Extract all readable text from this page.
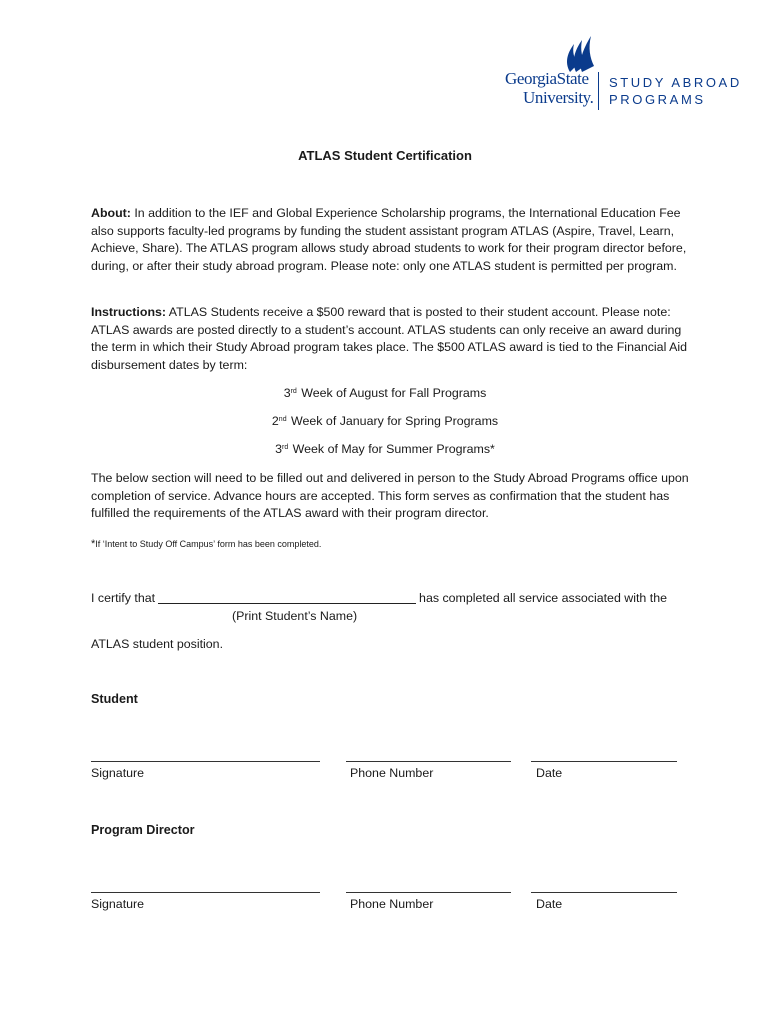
GeorgiaState
University.
STUDY ABROAD
PROGRAMS
ATLAS Student Certification
About: In addition to the IEF and Global Experience Scholarship programs, the International Education Fee also supports faculty-led programs by funding the student assistant program ATLAS (Aspire, Travel, Learn, Achieve, Share). The ATLAS program allows study abroad students to work for their program director before, during, or after their study abroad program. Please note: only one ATLAS student is permitted per program.
Instructions: ATLAS Students receive a $500 reward that is posted to their student account. Please note: ATLAS awards are posted directly to a student’s account. ATLAS students can only receive an award during the term in which their Study Abroad program takes place. The $500 ATLAS award is tied to the Financial Aid disbursement dates by term:
3rd Week of August for Fall Programs
2nd Week of January for Spring Programs
3rd Week of May for Summer Programs*
The below section will need to be filled out and delivered in person to the Study Abroad Programs office upon completion of service. Advance hours are accepted. This form serves as confirmation that the student has fulfilled the requirements of the ATLAS award with their program director.
*If ‘Intent to Study Off Campus’ form has been completed.
I certify that	has completed all service associated with the
(Print Student’s Name)
ATLAS student position.
Student
Signature	Phone Number	Date
Program Director
Signature	Phone Number	Date
